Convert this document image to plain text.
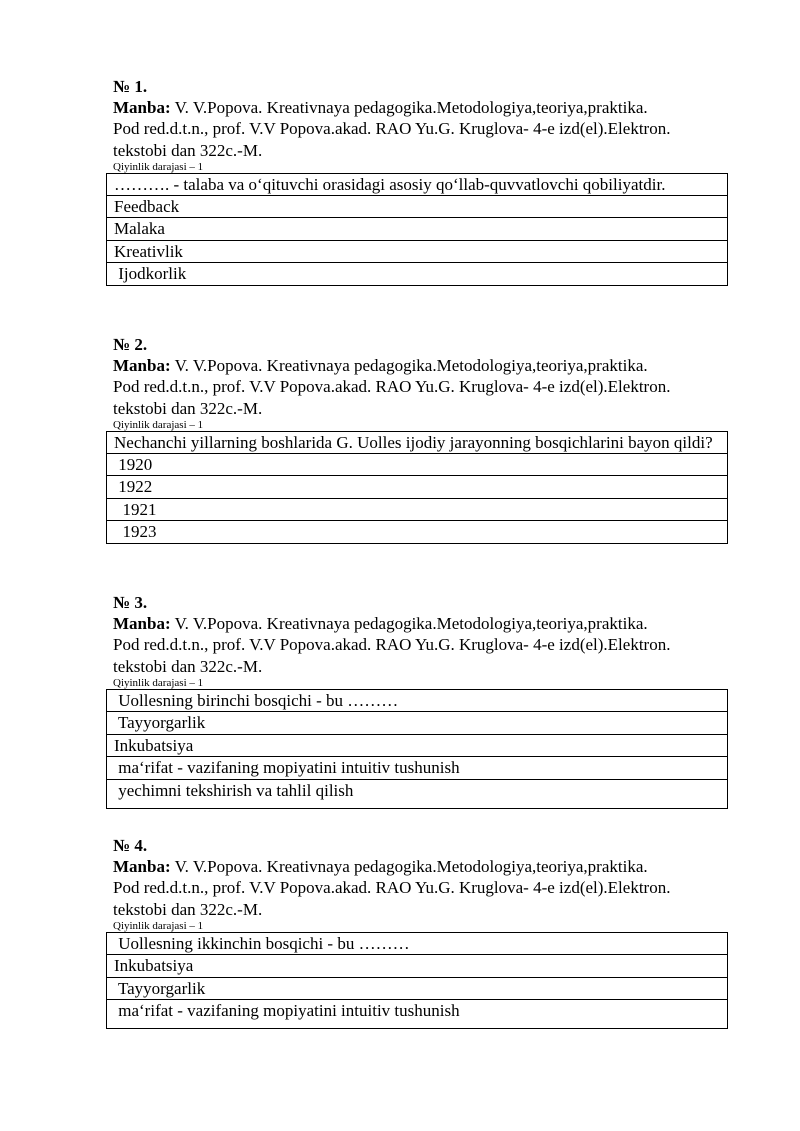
№ 1.

Manba: V. V.Popova. Kreativnaya pedagogika.Metodologiya,teoriya,praktika.
Pod red.d.t.n., prof. V.V Popova.akad. RAO Yu.G. Kruglova- 4-e izd(el).Elektron.
tekstobi dan 322c.-M.

Qiyinlik darajasi – 1

………. - talaba va o‘qituvchi orasidagi asosiy qo‘llab-quvvatlovchi qobiliyatdir.
Feedback
Malaka
Kreativlik
Ijodkorlik

№ 2.

Manba: V. V.Popova. Kreativnaya pedagogika.Metodologiya,teoriya,praktika.
Pod red.d.t.n., prof. V.V Popova.akad. RAO Yu.G. Kruglova- 4-e izd(el).Elektron.
tekstobi dan 322c.-M.

Qiyinlik darajasi – 1

Nechanchi yillarning boshlarida G. Uolles ijodiy jarayonning bosqichlarini bayon qildi?
1920
1922
1921
1923

№ 3.

Manba: V. V.Popova. Kreativnaya pedagogika.Metodologiya,teoriya,praktika.
Pod red.d.t.n., prof. V.V Popova.akad. RAO Yu.G. Kruglova- 4-e izd(el).Elektron.
tekstobi dan 322c.-M.

Qiyinlik darajasi – 1

Uollesning birinchi bosqichi - bu ………
Tayyorgarlik
Inkubatsiya
ma‘rifat - vazifaning mopiyatini intuitiv tushunish
yechimni tekshirish va tahlil qilish

№ 4.

Manba: V. V.Popova. Kreativnaya pedagogika.Metodologiya,teoriya,praktika.
Pod red.d.t.n., prof. V.V Popova.akad. RAO Yu.G. Kruglova- 4-e izd(el).Elektron.
tekstobi dan 322c.-M.

Qiyinlik darajasi – 1

Uollesning ikkinchin bosqichi - bu ………
Inkubatsiya
Tayyorgarlik
ma‘rifat - vazifaning mopiyatini intuitiv tushunish
